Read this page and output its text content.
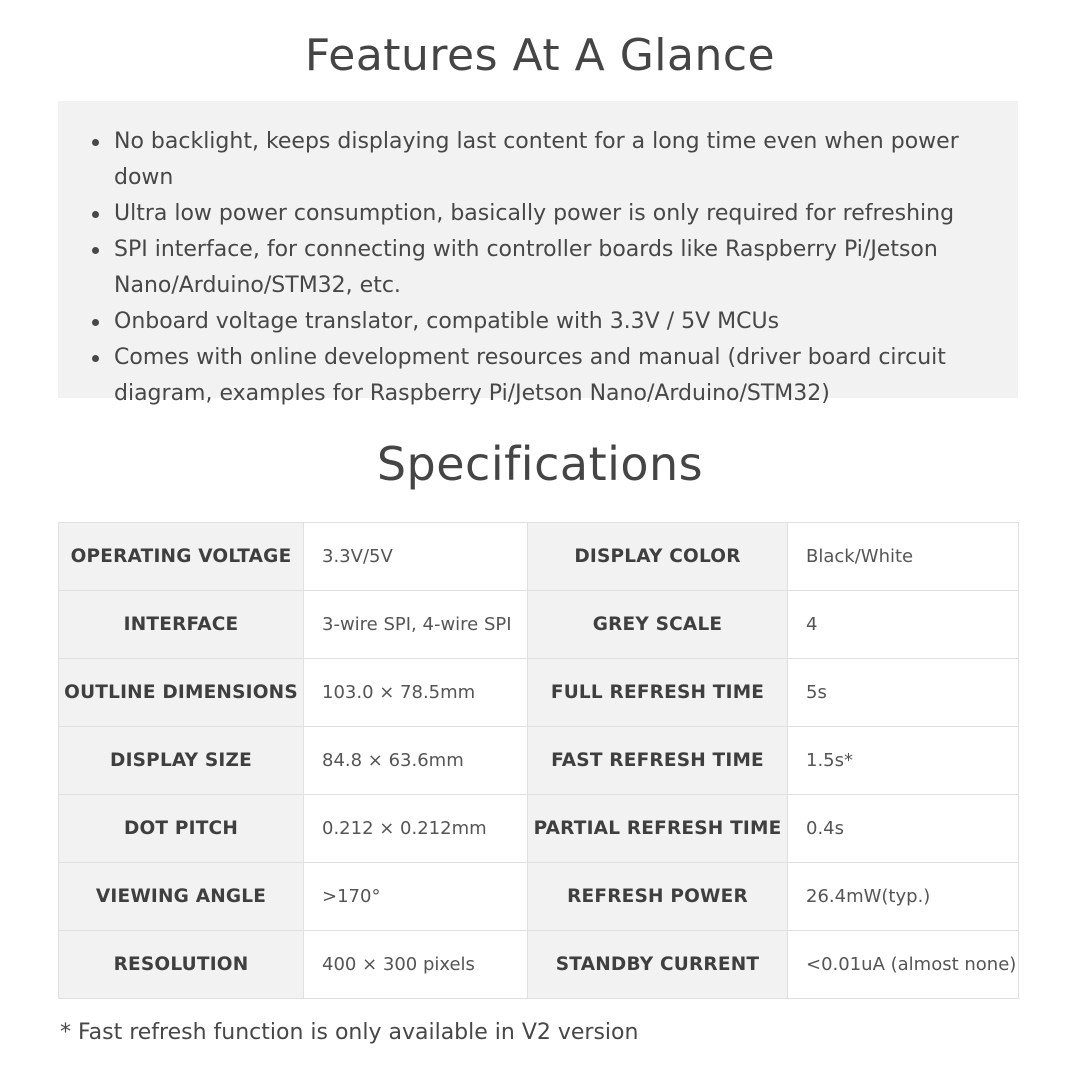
Features At A Glance
No backlight, keeps displaying last content for a long time even when power down
Ultra low power consumption, basically power is only required for refreshing
SPI interface, for connecting with controller boards like Raspberry Pi/Jetson
Nano/Arduino/STM32, etc.
Onboard voltage translator, compatible with 3.3V / 5V MCUs
Comes with online development resources and manual (driver board circuit
diagram, examples for Raspberry Pi/Jetson Nano/Arduino/STM32)
Specifications
OPERATING VOLTAGE	3.3V/5V	DISPLAY COLOR	Black/White
INTERFACE	3-wire SPI, 4-wire SPI	GREY SCALE	4
OUTLINE DIMENSIONS	103.0 × 78.5mm	FULL REFRESH TIME	5s
DISPLAY SIZE	84.8 × 63.6mm	FAST REFRESH TIME	1.5s*
DOT PITCH	0.212 × 0.212mm	PARTIAL REFRESH TIME	0.4s
VIEWING ANGLE	>170°	REFRESH POWER	26.4mW(typ.)
RESOLUTION	400 × 300 pixels	STANDBY CURRENT	<0.01uA (almost none)
* Fast refresh function is only available in V2 version
